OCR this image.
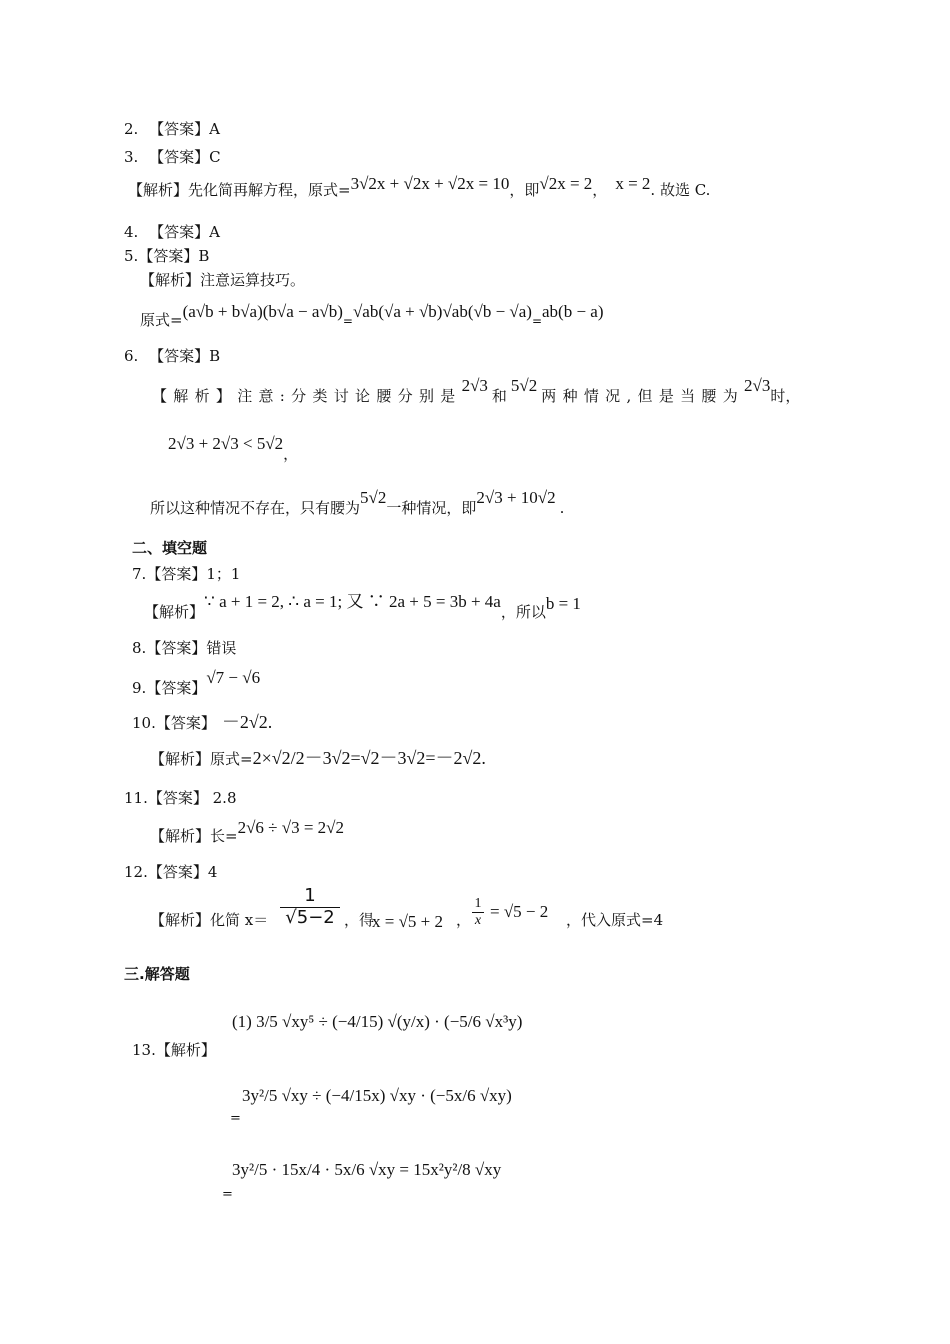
2. 【答案】A
3. 【答案】C
【解析】先化简再解方程，原式=3√2x + √2x + √2x = 10，即√2x = 2， x = 2. 故选 C.
4. 【答案】A
5.【答案】B
【解析】注意运算技巧。
原式=(a√b + b√a)(b√a − a√b)=√ab(√a + √b)√ab(√b − √a)=ab(b − a)
6. 【答案】B
【解析】注意:分类讨论腰分别是2√3和5√2两种情况,但是当腰为2√3时，
2√3 + 2√3 < 5√2，
所以这种情况不存在，只有腰为5√2一种情况，即2√3 + 10√2.
二、填空题
7.【答案】1；1
【解析】∵ a + 1 = 2, ∴ a = 1; 又 ∵ 2a + 5 = 3b + 4a，所以b = 1
8.【答案】错误
9.【答案】√7 − √6
10.【答案】 －2√2.
【解析】原式=2×√2/2－3√2=√2－3√2=－2√2.
11.【答案】 2.8
【解析】长=2√6 ÷ √3 = 2√2
12.【答案】4
【解析】化简 x＝
1
√5−2 ，得
x = √5 + 2 ，
1
x = √5 − 2 ，代入原式=4
三.解答题
(1) 3/5 √xy⁵ ÷ (−4/15) √(y/x) · (−5/6 √x³y)
13.【解析】
=
3y²/5 √xy ÷ (−4/15x) √xy · (−5x/6 √xy)
=
3y²/5 · 15x/4 · 5x/6 √xy = 15x²y²/8 √xy
